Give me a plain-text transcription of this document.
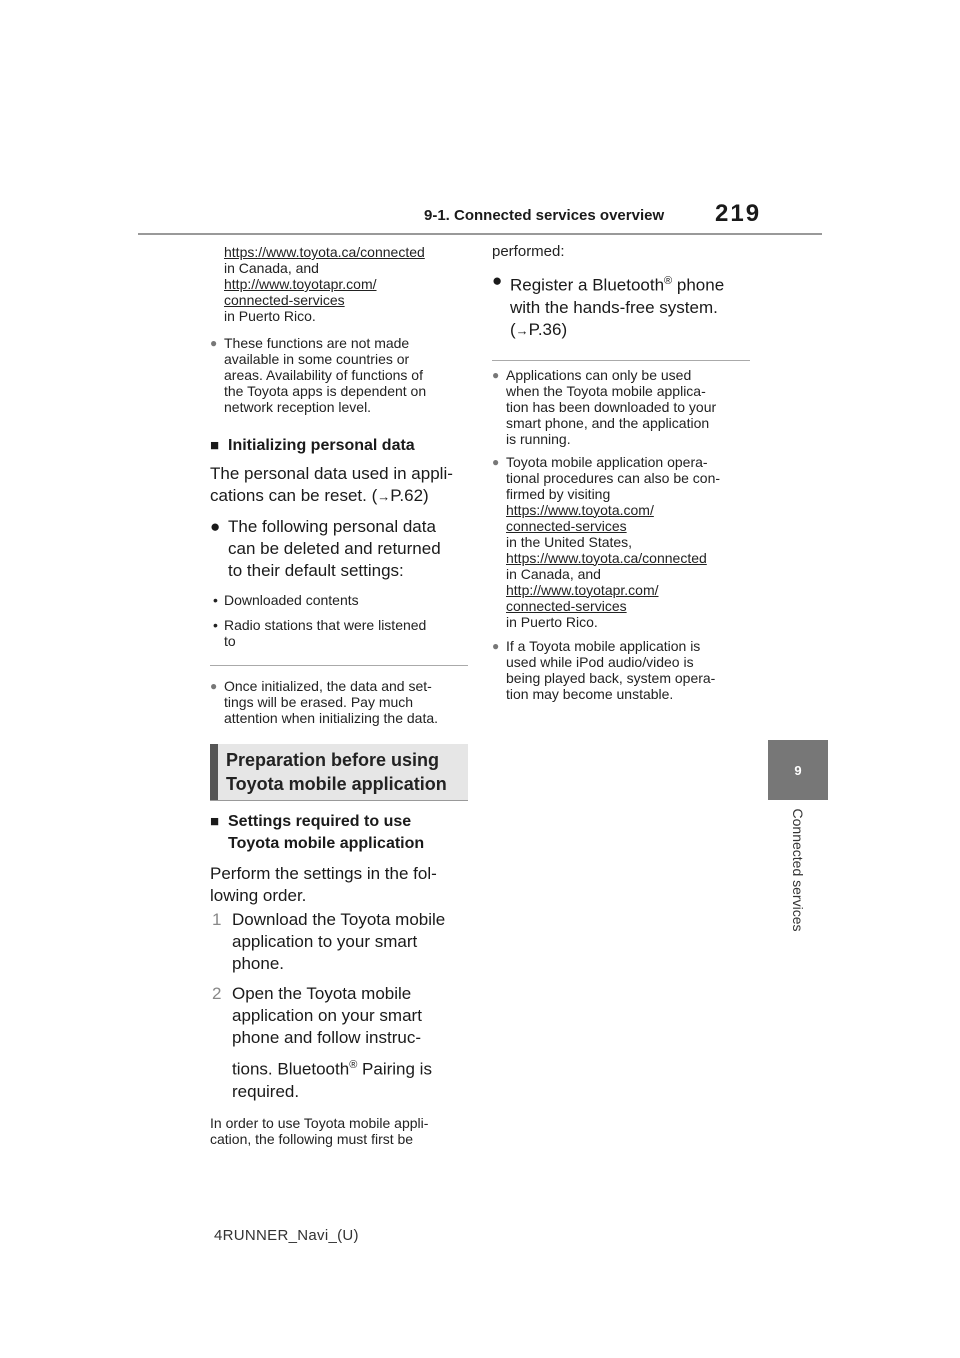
9-1. Connected services overview 219
9
Connected services
https://www.toyota.ca/connected
in Canada, and
http://www.toyotapr.com/
connected-services
in Puerto Rico.
● These functions are not made
available in some countries or
areas. Availability of functions of
the Toyota apps is dependent on
network reception level.
■ Initializing personal data
The personal data used in appli-
cations can be reset. (→P.62)
● The following personal data
can be deleted and returned
to their default settings:
• Downloaded contents
• Radio stations that were listened
to
● Once initialized, the data and set-
tings will be erased. Pay much
attention when initializing the data.
Preparation before using
Toyota mobile application
■ Settings required to use
Toyota mobile application
Perform the settings in the fol-
lowing order.
1 Download the Toyota mobile
application to your smart
phone.
2 Open the Toyota mobile
application on your smart
phone and follow instruc-
tions. Bluetooth® Pairing is
required.
In order to use Toyota mobile appli-
cation, the following must first be
performed:
● Register a Bluetooth® phone
with the hands-free system.
(→P.36)
● Applications can only be used
when the Toyota mobile applica-
tion has been downloaded to your
smart phone, and the application
is running.
● Toyota mobile application opera-
tional procedures can also be con-
firmed by visiting
https://www.toyota.com/
connected-services
in the United States,
https://www.toyota.ca/connected
in Canada, and
http://www.toyotapr.com/
connected-services
in Puerto Rico.
● If a Toyota mobile application is
used while iPod audio/video is
being played back, system opera-
tion may become unstable.
4RUNNER_Navi_(U)
